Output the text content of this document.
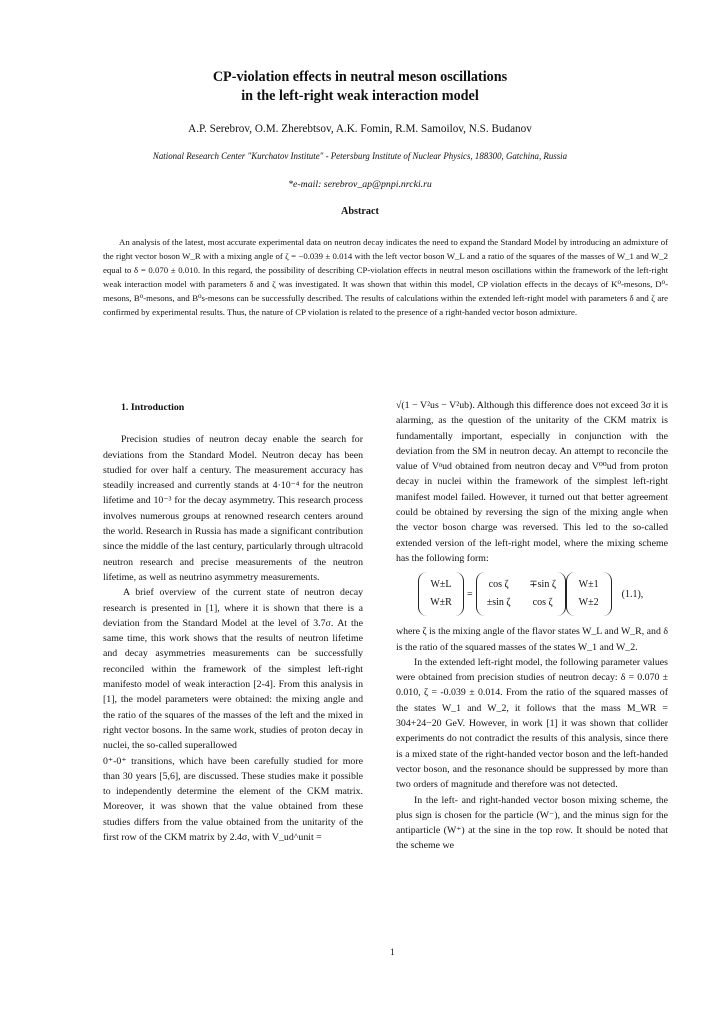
CP-violation effects in neutral meson oscillations
in the left-right weak interaction model
A.P. Serebrov, O.M. Zherebtsov, A.K. Fomin, R.M. Samoilov, N.S. Budanov
National Research Center "Kurchatov Institute" - Petersburg Institute of Nuclear Physics, 188300, Gatchina, Russia
*e-mail: serebrov_ap@pnpi.nrcki.ru
Abstract
An analysis of the latest, most accurate experimental data on neutron decay indicates the need to expand the Standard Model by introducing an admixture of the right vector boson W_R with a mixing angle of ζ = −0.039 ± 0.014 with the left vector boson W_L and a ratio of the squares of the masses of W_1 and W_2 equal to δ = 0.070 ± 0.010. In this regard, the possibility of describing CP-violation effects in neutral meson oscillations within the framework of the left-right weak interaction model with parameters δ and ζ was investigated. It was shown that within this model, CP violation effects in the decays of K⁰-mesons, D⁰-mesons, B⁰-mesons, and B⁰s-mesons can be successfully described. The results of calculations within the extended left-right model with parameters δ and ζ are confirmed by experimental results. Thus, the nature of CP violation is related to the presence of a right-handed vector boson admixture.

1. Introduction

Precision studies of neutron decay enable the search for deviations from the Standard Model. Neutron decay has been studied for over half a century. The measurement accuracy has steadily increased and currently stands at 4·10⁻⁴ for the neutron lifetime and 10⁻³ for the decay asymmetry. This research process involves numerous groups at renowned research centers around the world. Research in Russia has made a significant contribution since the middle of the last century, particularly through ultracold neutron research and precise measurements of the neutron lifetime, as well as neutrino asymmetry measurements.

A brief overview of the current state of neutron decay research is presented in [1], where it is shown that there is a deviation from the Standard Model at the level of 3.7σ. At the same time, this work shows that the results of neutron lifetime and decay asymmetries measurements can be successfully reconciled within the framework of the simplest left-right manifesto model of weak interaction [2-4]. From this analysis in [1], the model parameters were obtained: the mixing angle and the ratio of the squares of the masses of the left and the mixed in right vector bosons. In the same work, studies of proton decay in nuclei, the so-called superallowed

0⁺-0⁺ transitions, which have been carefully studied for more than 30 years [5,6], are discussed. These studies make it possible to independently determine the element of the CKM matrix. Moreover, it was shown that the value obtained from these studies differs from the value obtained from the unitarity of the first row of the CKM matrix by 2.4σ, with V_ud^unit =

√(1 − V²us − V²ub). Although this difference does not exceed 3σ it is alarming, as the question of the unitarity of the CKM matrix is fundamentally important, especially in conjunction with the deviation from the SM in neutron decay. An attempt to reconcile the value of Vⁿud obtained from neutron decay and V⁰⁰ud from proton decay in nuclei within the framework of the simplest left-right manifest model failed. However, it turned out that better agreement could be obtained by reversing the sign of the mixing angle when the vector boson charge was reversed. This led to the so-called extended version of the left-right model, where the mixing scheme has the following form:

W±L
W±R
=
cos ζ	∓sin ζ
±sin ζ	cos ζ
W±1
W±2
(1.1),

where ζ is the mixing angle of the flavor states W_L and W_R, and δ is the ratio of the squared masses of the states W_1 and W_2.

In the extended left-right model, the following parameter values were obtained from precision studies of neutron decay: δ = 0.070 ± 0.010, ζ = -0.039 ± 0.014. From the ratio of the squared masses of the states W_1 and W_2, it follows that the mass M_WR = 304+24−20 GeV. However, in work [1] it was shown that collider experiments do not contradict the results of this analysis, since there is a mixed state of the right-handed vector boson and the left-handed vector boson, and the resonance should be suppressed by more than two orders of magnitude and therefore was not detected.

In the left- and right-handed vector boson mixing scheme, the plus sign is chosen for the particle (W⁻), and the minus sign for the antiparticle (W⁺) at the sine in the top row. It should be noted that the scheme we

1
